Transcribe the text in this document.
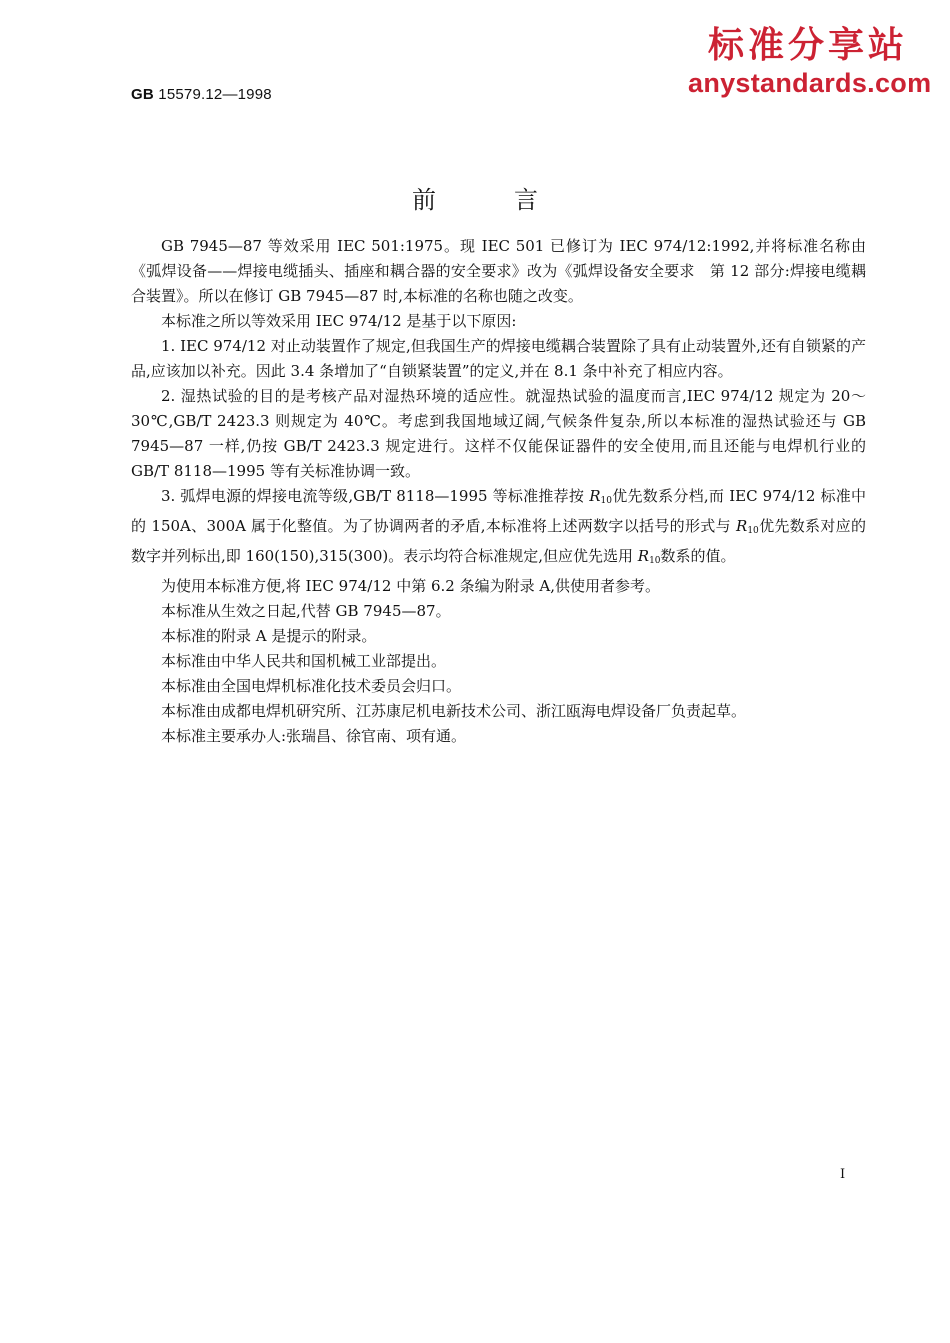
GB 15579.12—1998
标准分享站
anystandards.com
前言

GB 7945—87 等效采用 IEC 501:1975。现 IEC 501 已修订为 IEC 974/12:1992,并将标准名称由《弧焊设备——焊接电缆插头、插座和耦合器的安全要求》改为《弧焊设备安全要求　第 12 部分:焊接电缆耦合装置》。所以在修订 GB 7945—87 时,本标准的名称也随之改变。

本标准之所以等效采用 IEC 974/12 是基于以下原因:

1. IEC 974/12 对止动装置作了规定,但我国生产的焊接电缆耦合装置除了具有止动装置外,还有自锁紧的产品,应该加以补充。因此 3.4 条增加了“自锁紧装置”的定义,并在 8.1 条中补充了相应内容。

2. 湿热试验的目的是考核产品对湿热环境的适应性。就湿热试验的温度而言,IEC 974/12 规定为 20～30℃,GB/T 2423.3 则规定为 40℃。考虑到我国地域辽阔,气候条件复杂,所以本标准的湿热试验还与 GB 7945—87 一样,仍按 GB/T 2423.3 规定进行。这样不仅能保证器件的安全使用,而且还能与电焊机行业的 GB/T 8118—1995 等有关标准协调一致。

3. 弧焊电源的焊接电流等级,GB/T 8118—1995 等标准推荐按 $R_{10}$优先数系分档,而 IEC 974/12 标准中的 150A、300A 属于化整值。为了协调两者的矛盾,本标准将上述两数字以括号的形式与 $R_{10}$优先数系对应的数字并列标出,即 160(150),315(300)。表示均符合标准规定,但应优先选用 $R_{10}$数系的值。

为使用本标准方便,将 IEC 974/12 中第 6.2 条编为附录 A,供使用者参考。

本标准从生效之日起,代替 GB 7945—87。

本标准的附录 A 是提示的附录。

本标准由中华人民共和国机械工业部提出。

本标准由全国电焊机标准化技术委员会归口。

本标准由成都电焊机研究所、江苏康尼机电新技术公司、浙江瓯海电焊设备厂负责起草。

本标准主要承办人:张瑞昌、徐官南、项有通。

I
